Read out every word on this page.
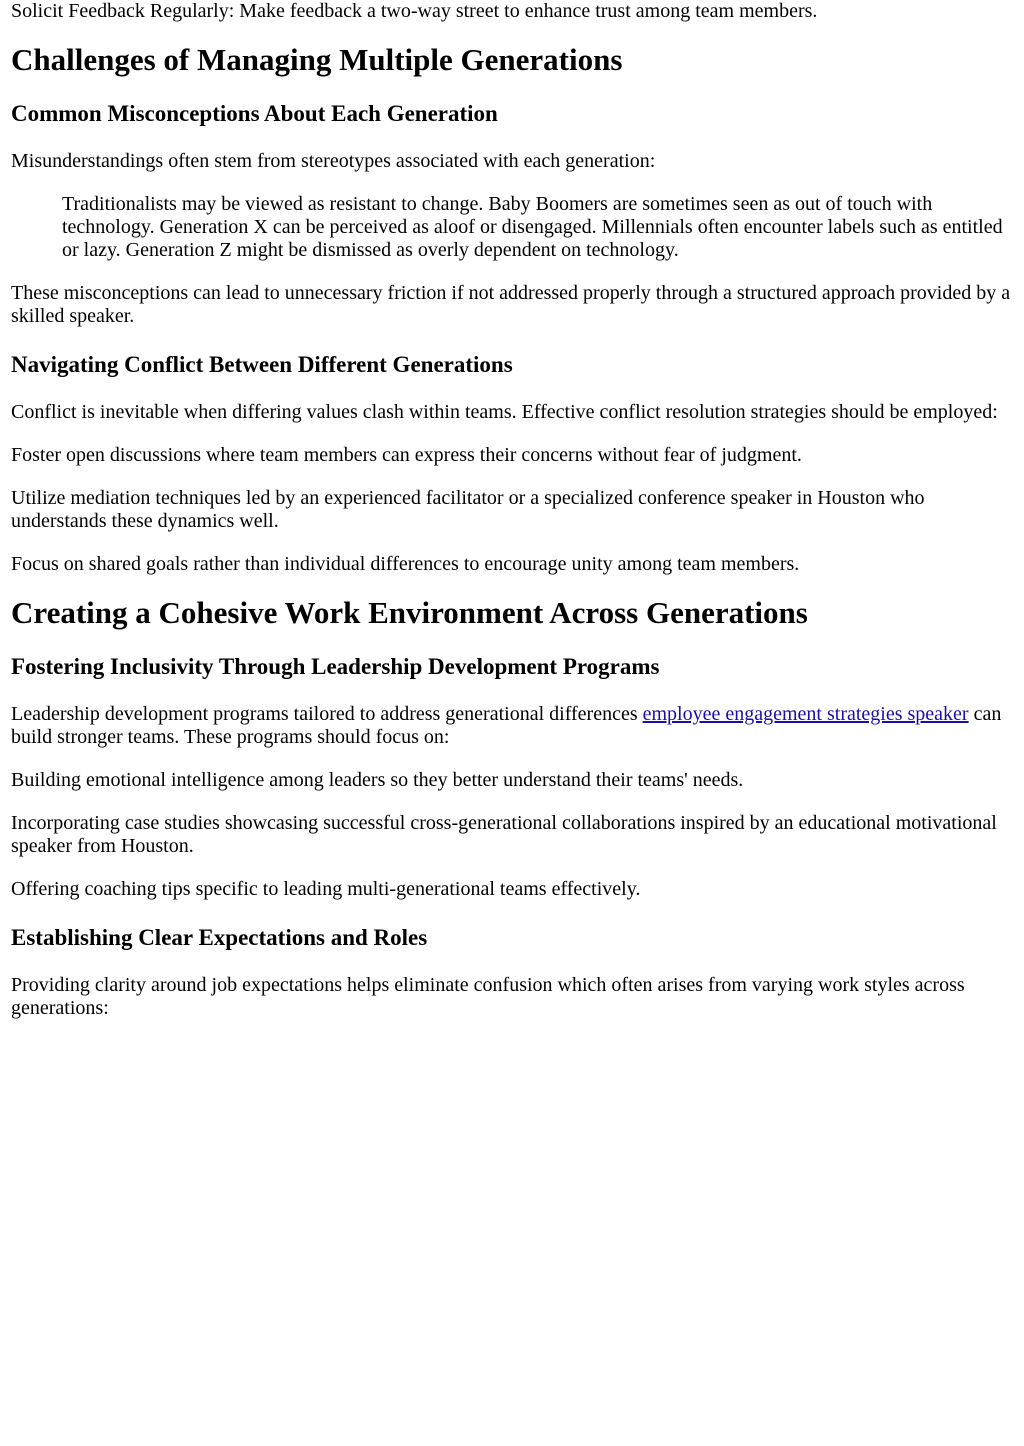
Solicit Feedback Regularly: Make feedback a two-way street to enhance trust among team members.

Challenges of Managing Multiple Generations
Common Misconceptions About Each Generation

Misunderstandings often stem from stereotypes associated with each generation:

Traditionalists may be viewed as resistant to change. Baby Boomers are sometimes seen as out of touch with technology. Generation X can be perceived as aloof or disengaged. Millennials often encounter labels such as entitled or lazy. Generation Z might be dismissed as overly dependent on technology.

These misconceptions can lead to unnecessary friction if not addressed properly through a structured approach provided by a skilled speaker.

Navigating Conflict Between Different Generations

Conflict is inevitable when differing values clash within teams. Effective conflict resolution strategies should be employed:

Foster open discussions where team members can express their concerns without fear of judgment.

Utilize mediation techniques led by an experienced facilitator or a specialized conference speaker in Houston who understands these dynamics well.

Focus on shared goals rather than individual differences to encourage unity among team members.

Creating a Cohesive Work Environment Across Generations
Fostering Inclusivity Through Leadership Development Programs

Leadership development programs tailored to address generational differences employee engagement strategies speaker can build stronger teams. These programs should focus on:

Building emotional intelligence among leaders so they better understand their teams' needs.

Incorporating case studies showcasing successful cross-generational collaborations inspired by an educational motivational speaker from Houston.

Offering coaching tips specific to leading multi-generational teams effectively.

Establishing Clear Expectations and Roles

Providing clarity around job expectations helps eliminate confusion which often arises from varying work styles across generations:
